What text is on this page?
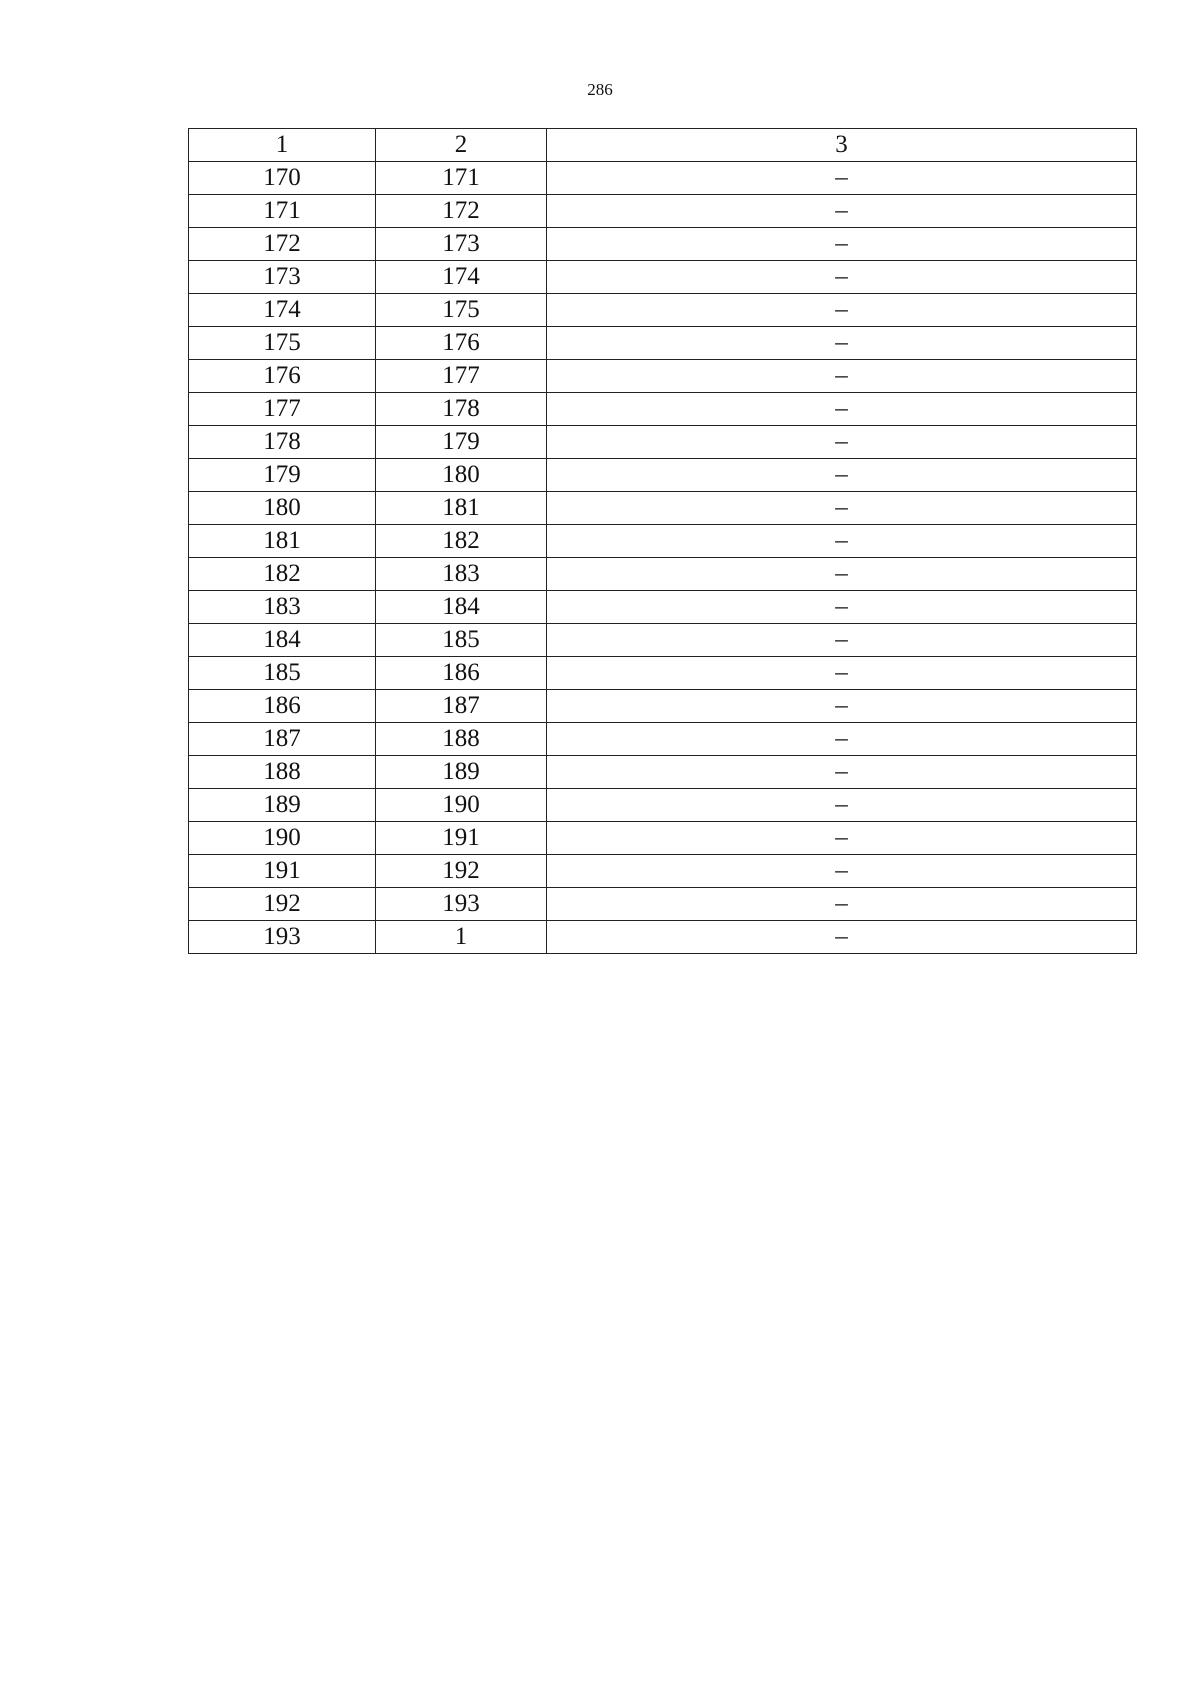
286
1	2	3
170	171	–
171	172	–
172	173	–
173	174	–
174	175	–
175	176	–
176	177	–
177	178	–
178	179	–
179	180	–
180	181	–
181	182	–
182	183	–
183	184	–
184	185	–
185	186	–
186	187	–
187	188	–
188	189	–
189	190	–
190	191	–
191	192	–
192	193	–
193	1	–
